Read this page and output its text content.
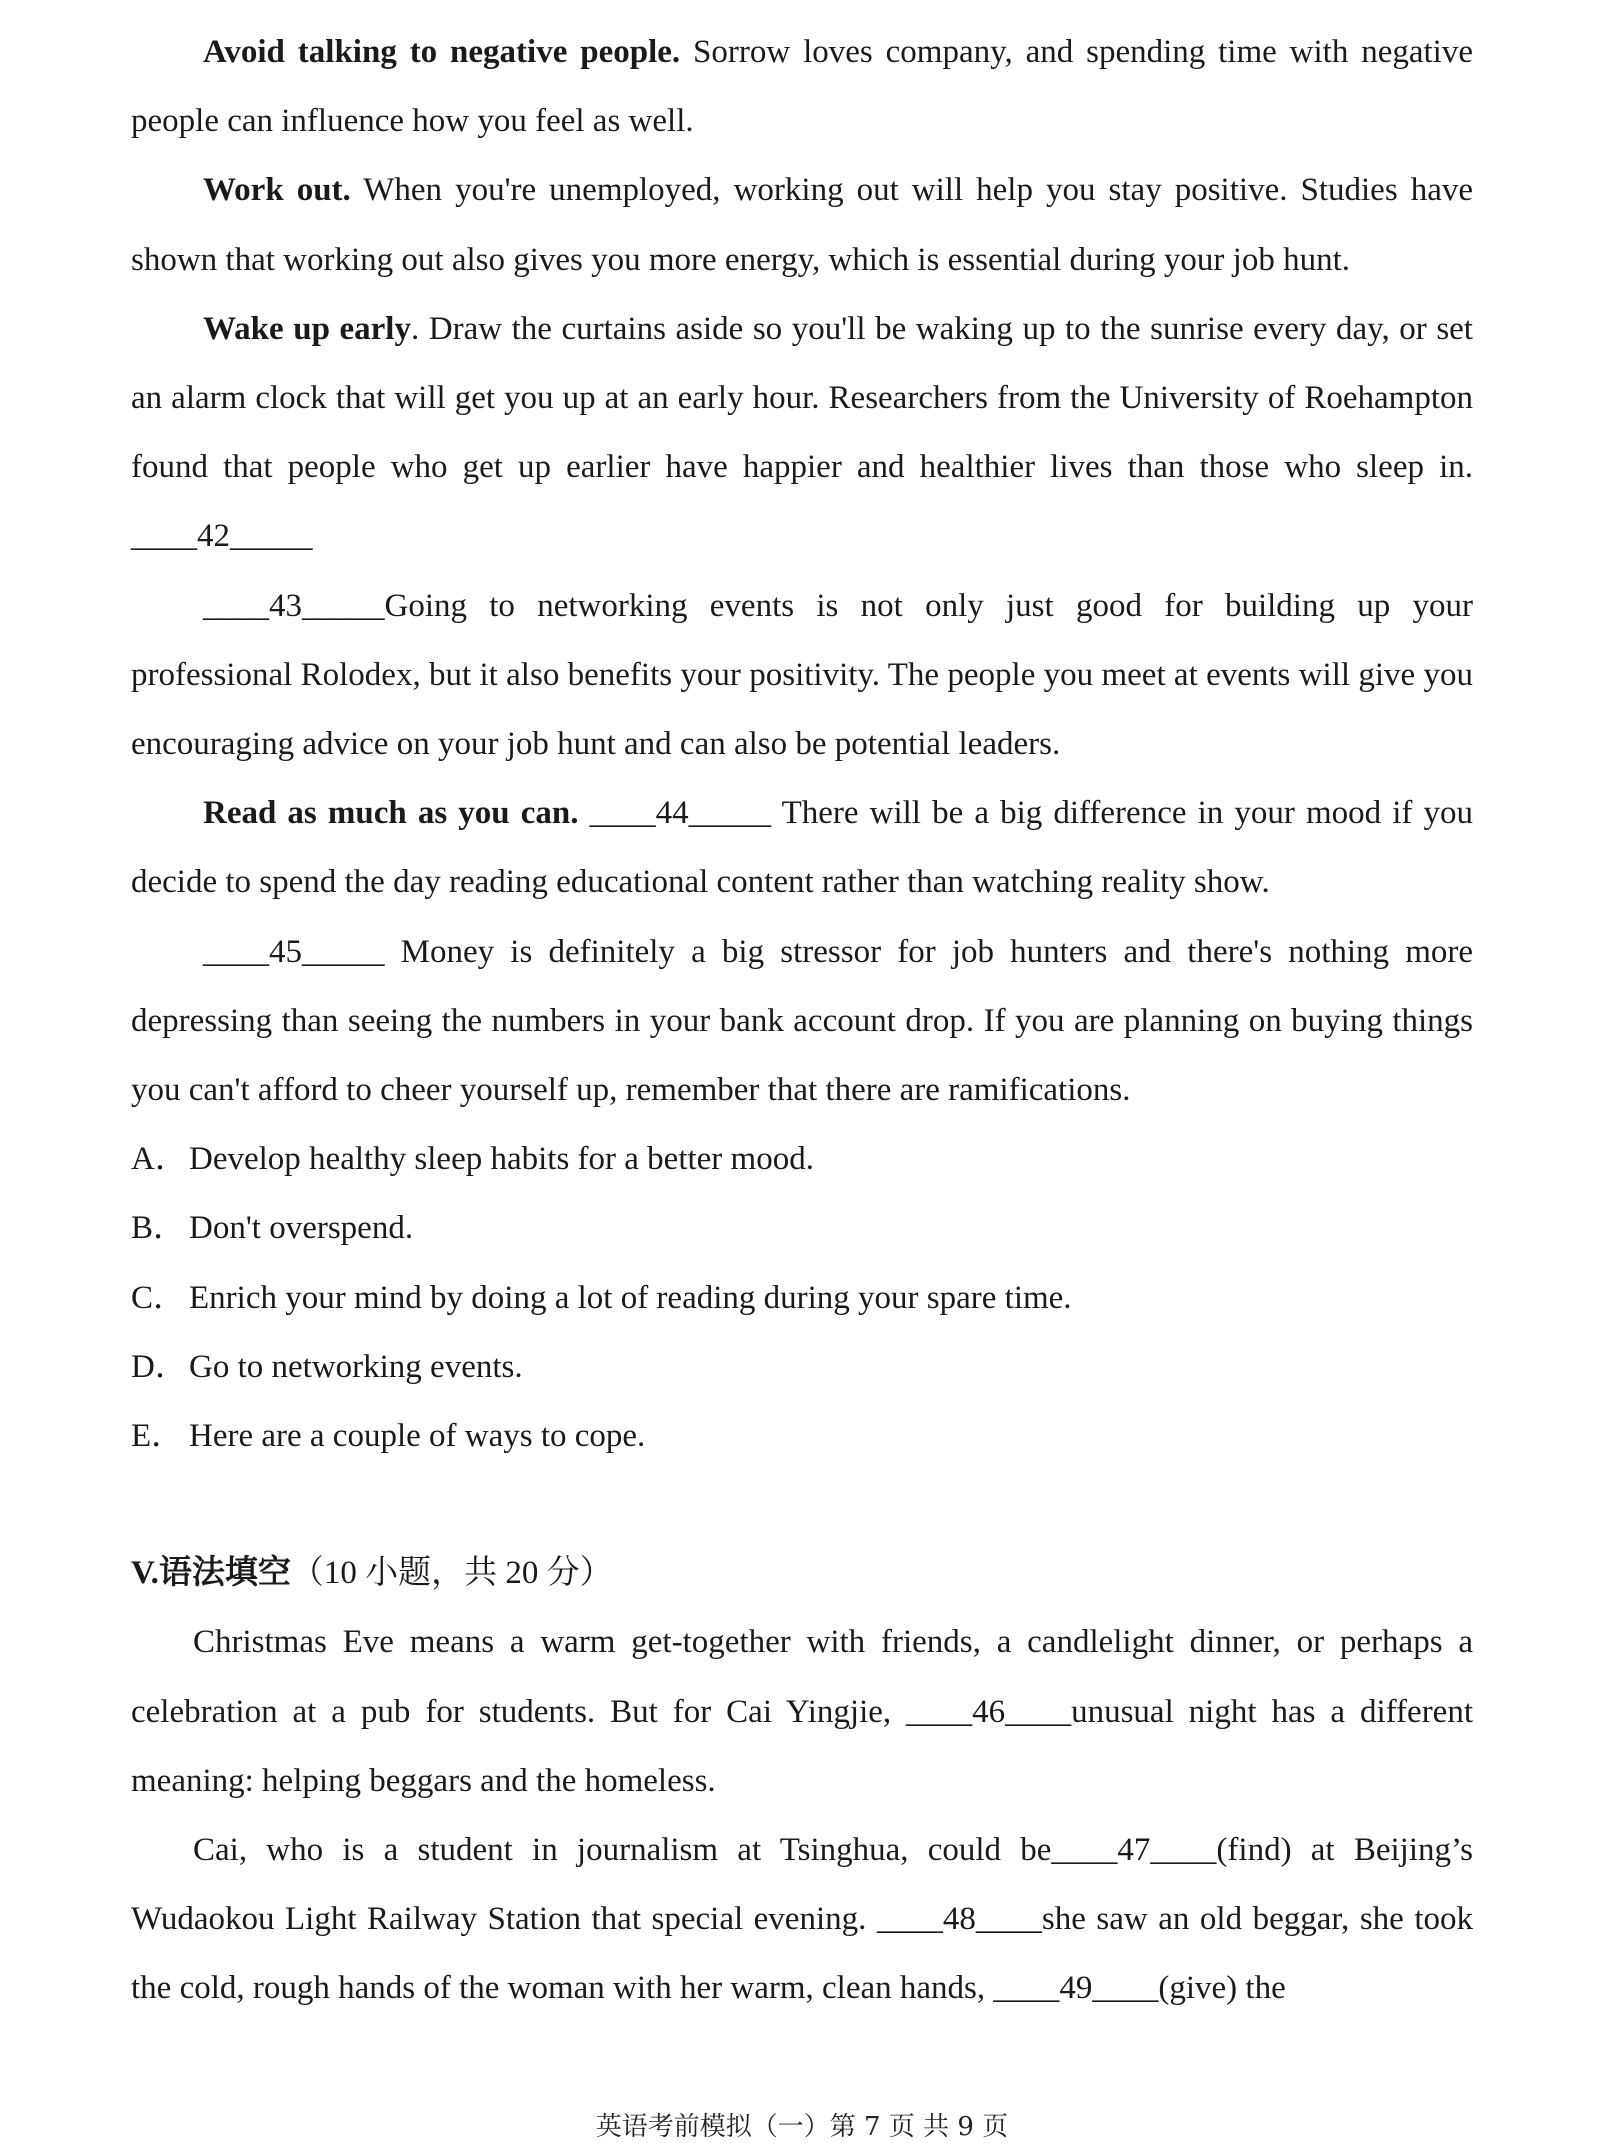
Avoid talking to negative people. Sorrow loves company, and spending time with negative people can influence how you feel as well.

Work out. When you're unemployed, working out will help you stay positive. Studies have shown that working out also gives you more energy, which is essential during your job hunt.

Wake up early. Draw the curtains aside so you'll be waking up to the sunrise every day, or set an alarm clock that will get you up at an early hour. Researchers from the University of Roehampton found that people who get up earlier have happier and healthier lives than those who sleep in. ____42_____

____43_____Going to networking events is not only just good for building up your professional Rolodex, but it also benefits your positivity. The people you meet at events will give you encouraging advice on your job hunt and can also be potential leaders.

Read as much as you can. ____44_____ There will be a big difference in your mood if you decide to spend the day reading educational content rather than watching reality show.

____45_____ Money is definitely a big stressor for job hunters and there's nothing more depressing than seeing the numbers in your bank account drop. If you are planning on buying things you can't afford to cheer yourself up, remember that there are ramifications.

A．Develop healthy sleep habits for a better mood.

B．Don't overspend.

C．Enrich your mind by doing a lot of reading during your spare time.

D．Go to networking events.

E． Here are a couple of ways to cope.

V.语法填空（10 小题，共 20 分）

Christmas Eve means a warm get-together with friends, a candlelight dinner, or perhaps a celebration at a pub for students. But for Cai Yingjie, ____46____unusual night has a different meaning: helping beggars and the homeless.

Cai, who is a student in journalism at Tsinghua, could be____47____(find) at Beijing’s Wudaokou Light Railway Station that special evening. ____48____she saw an old beggar, she took the cold, rough hands of the woman with her warm, clean hands, ____49____(give) the

英语考前模拟（一）第 7 页 共 9 页
